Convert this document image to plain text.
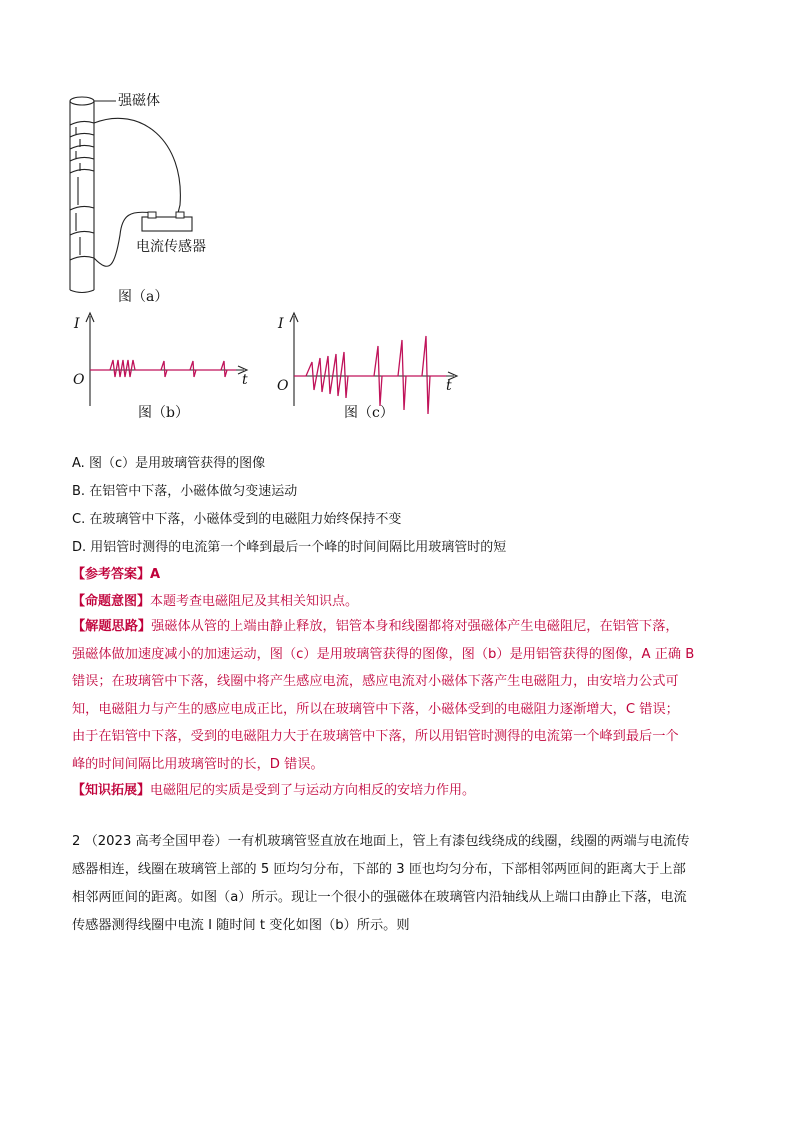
强磁体
电流传感器
图（a）
I
t
O
图（b）
I
t
O
图（c）
A. 图（c）是用玻璃管获得的图像
B. 在铝管中下落，小磁体做匀变速运动
C. 在玻璃管中下落，小磁体受到的电磁阻力始终保持不变
D. 用铝管时测得的电流第一个峰到最后一个峰的时间间隔比用玻璃管时的短
【参考答案】A
【命题意图】本题考查电磁阻尼及其相关知识点。
【解题思路】强磁体从管的上端由静止释放，铝管本身和线圈都将对强磁体产生电磁阻尼，在铝管下落，
强磁体做加速度减小的加速运动，图（c）是用玻璃管获得的图像，图（b）是用铝管获得的图像，A 正确 B
错误；在玻璃管中下落，线圈中将产生感应电流，感应电流对小磁体下落产生电磁阻力，由安培力公式可
知，电磁阻力与产生的感应电成正比，所以在玻璃管中下落，小磁体受到的电磁阻力逐渐增大，C 错误；
由于在铝管中下落，受到的电磁阻力大于在玻璃管中下落，所以用铝管时测得的电流第一个峰到最后一个
峰的时间间隔比用玻璃管时的长，D 错误。
【知识拓展】电磁阻尼的实质是受到了与运动方向相反的安培力作用。
2 （2023 高考全国甲卷）一有机玻璃管竖直放在地面上，管上有漆包线绕成的线圈，线圈的两端与电流传
感器相连，线圈在玻璃管上部的 5 匝均匀分布，下部的 3 匝也均匀分布，下部相邻两匝间的距离大于上部
相邻两匝间的距离。如图（a）所示。现让一个很小的强磁体在玻璃管内沿轴线从上端口由静止下落，电流
传感器测得线圈中电流 I 随时间 t 变化如图（b）所示。则
